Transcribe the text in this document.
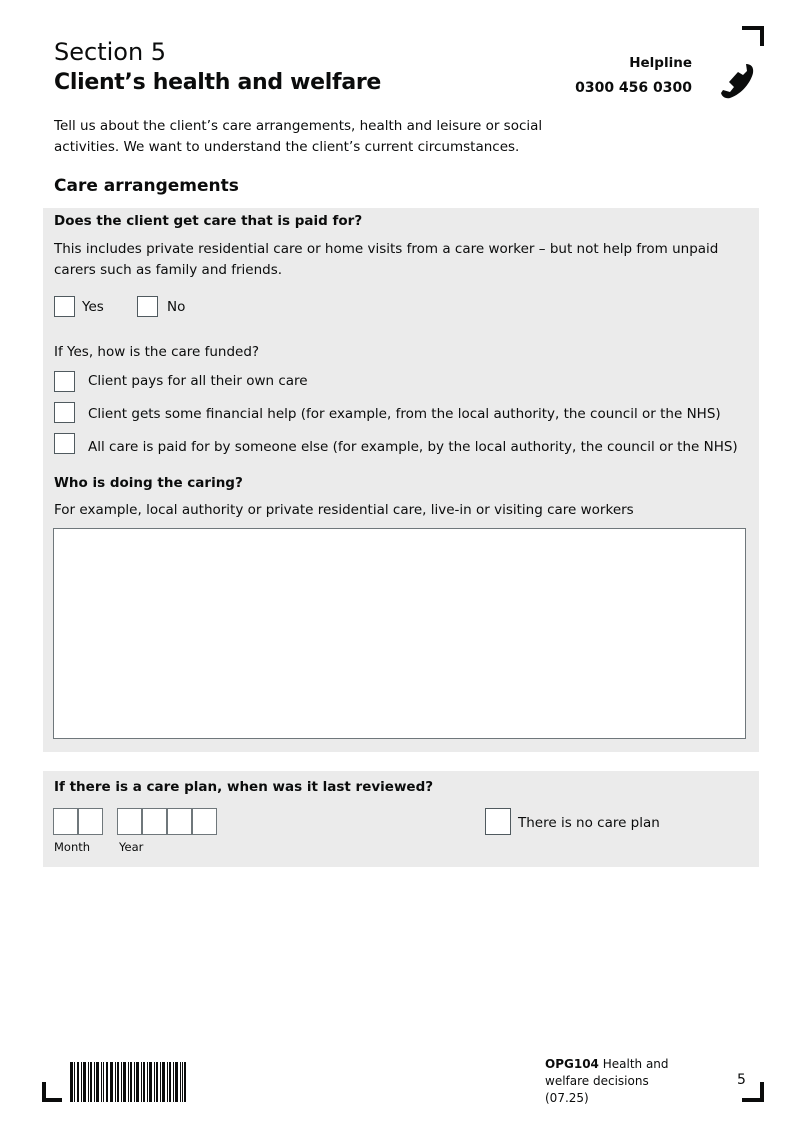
Section 5
Client’s health and welfare
Helpline
0300 456 0300
Tell us about the client’s care arrangements, health and leisure or social activities. We want to understand the client’s current circumstances.
Care arrangements
Does the client get care that is paid for?
This includes private residential care or home visits from a care worker – but not help from unpaid carers such as family and friends.
Yes	No
If Yes, how is the care funded?
Client pays for all their own care
Client gets some financial help (for example, from the local authority, the council or the NHS)
All care is paid for by someone else (for example, by the local authority, the council or the NHS)
Who is doing the caring?
For example, local authority or private residential care, live-in or visiting care workers
If there is a care plan, when was it last reviewed?
Month	Year
There is no care plan
OPG104 Health and welfare decisions (07.25)
5
